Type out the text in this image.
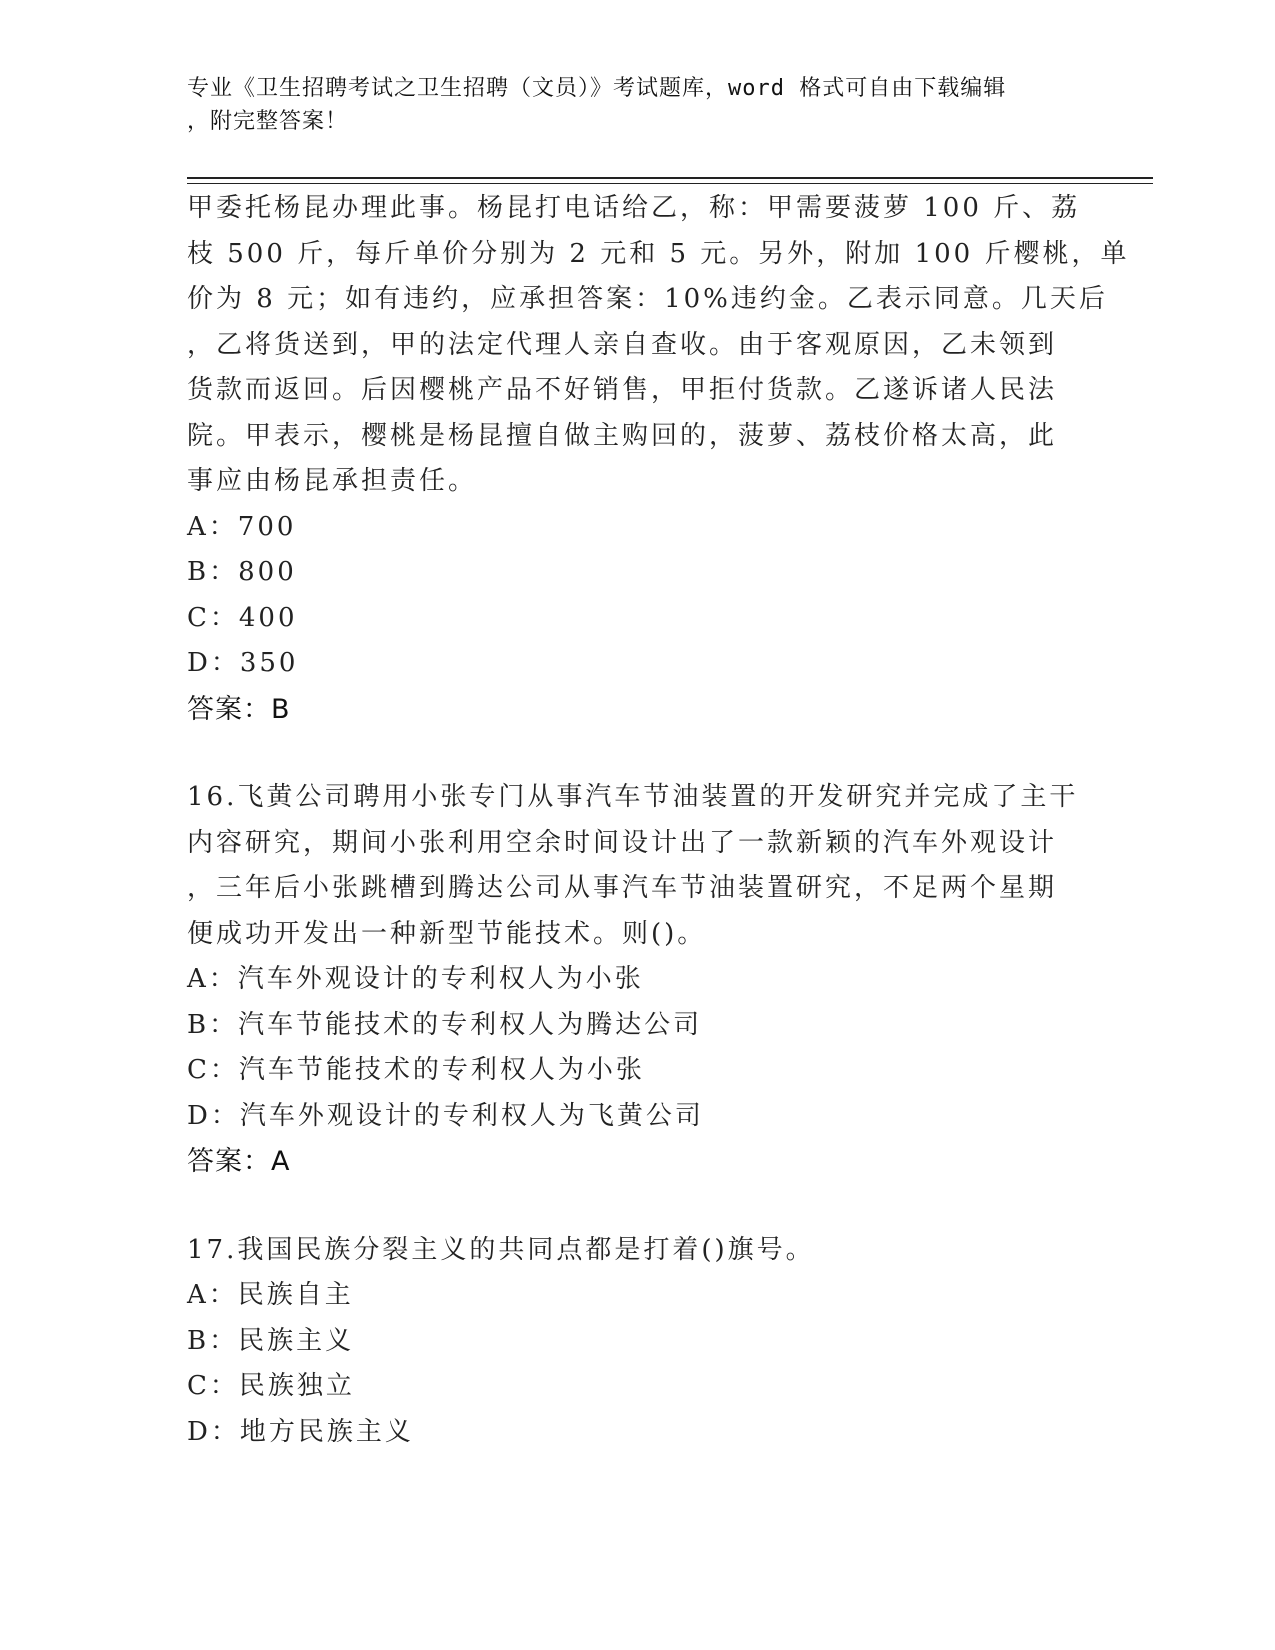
专业《卫生招聘考试之卫生招聘（文员）》考试题库，word 格式可自由下载编辑
，附完整答案！
甲委托杨昆办理此事。杨昆打电话给乙，称：甲需要菠萝 100 斤、荔
枝 500 斤，每斤单价分别为 2 元和 5 元。另外，附加 100 斤樱桃，单
价为 8 元；如有违约，应承担答案：10%违约金。乙表示同意。几天后
，乙将货送到，甲的法定代理人亲自查收。由于客观原因，乙未领到
货款而返回。后因樱桃产品不好销售，甲拒付货款。乙遂诉诸人民法
院。甲表示，樱桃是杨昆擅自做主购回的，菠萝、荔枝价格太高，此
事应由杨昆承担责任。
A：700
B：800
C：400
D：350
答案：B
16.飞黄公司聘用小张专门从事汽车节油装置的开发研究并完成了主干
内容研究，期间小张利用空余时间设计出了一款新颖的汽车外观设计
，三年后小张跳槽到腾达公司从事汽车节油装置研究，不足两个星期
便成功开发出一种新型节能技术。则()。
A：汽车外观设计的专利权人为小张
B：汽车节能技术的专利权人为腾达公司
C：汽车节能技术的专利权人为小张
D：汽车外观设计的专利权人为飞黄公司
答案：A
17.我国民族分裂主义的共同点都是打着()旗号。
A：民族自主
B：民族主义
C：民族独立
D：地方民族主义
